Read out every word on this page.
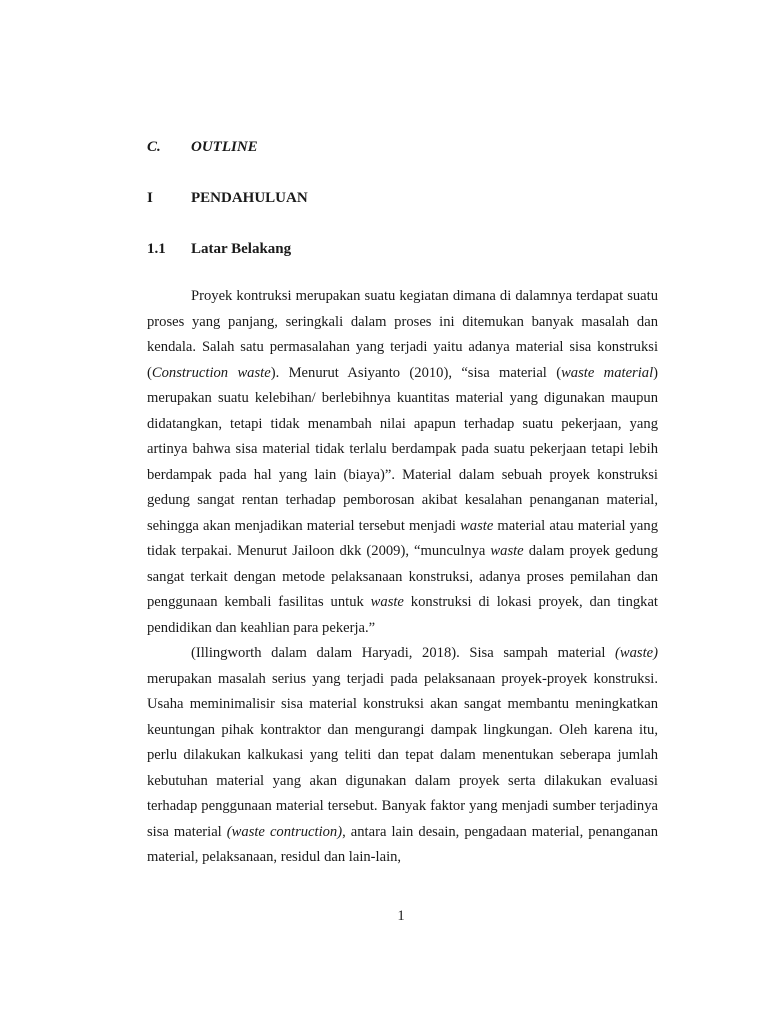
C. OUTLINE
I	PENDAHULUAN
1.1 Latar Belakang

Proyek kontruksi merupakan suatu kegiatan dimana di dalamnya terdapat suatu proses yang panjang, seringkali dalam proses ini ditemukan banyak masalah dan kendala. Salah satu permasalahan yang terjadi yaitu adanya material sisa konstruksi (Construction waste). Menurut Asiyanto (2010), “sisa material (waste material) merupakan suatu kelebihan/ berlebihnya kuantitas material yang digunakan maupun didatangkan, tetapi tidak menambah nilai apapun terhadap suatu pekerjaan, yang artinya bahwa sisa material tidak terlalu berdampak pada suatu pekerjaan tetapi lebih berdampak pada hal yang lain (biaya)”. Material dalam sebuah proyek konstruksi gedung sangat rentan terhadap pemborosan akibat kesalahan penanganan material, sehingga akan menjadikan material tersebut menjadi waste material atau material yang tidak terpakai. Menurut Jailoon dkk (2009), “munculnya waste dalam proyek gedung sangat terkait dengan metode pelaksanaan konstruksi, adanya proses pemilahan dan penggunaan kembali fasilitas untuk waste konstruksi di lokasi proyek, dan tingkat pendidikan dan keahlian para pekerja.”

(Illingworth dalam dalam Haryadi, 2018). Sisa sampah material (waste) merupakan masalah serius yang terjadi pada pelaksanaan proyek-proyek konstruksi. Usaha meminimalisir sisa material konstruksi akan sangat membantu meningkatkan keuntungan pihak kontraktor dan mengurangi dampak lingkungan. Oleh karena itu, perlu dilakukan kalkukasi yang teliti dan tepat dalam menentukan seberapa jumlah kebutuhan material yang akan digunakan dalam proyek serta dilakukan evaluasi terhadap penggunaan material tersebut. Banyak faktor yang menjadi sumber terjadinya sisa material (waste contruction), antara lain desain, pengadaan material, penanganan material, pelaksanaan, residul dan lain-lain,

1
